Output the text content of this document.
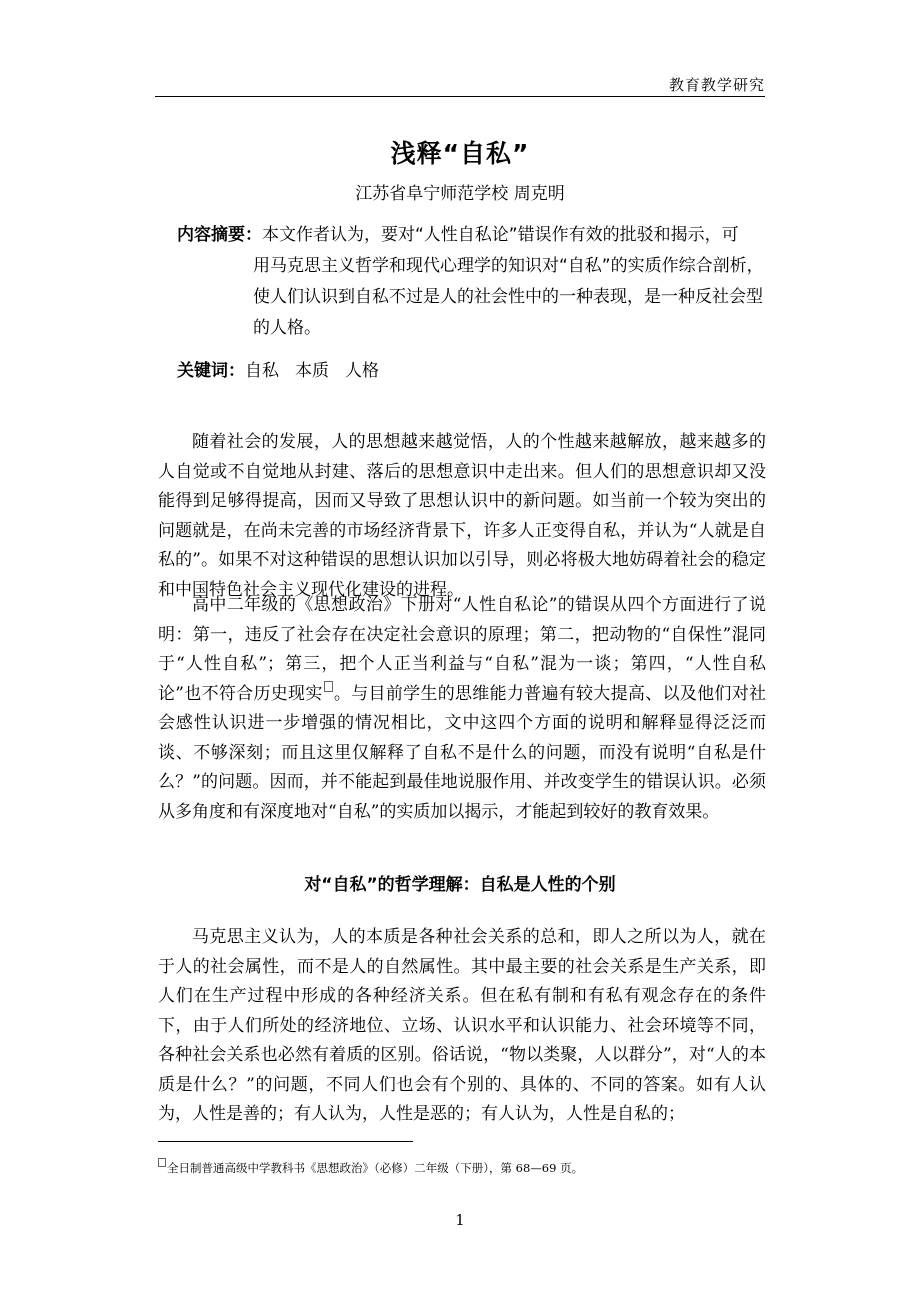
教育教学研究
浅释“自私”
江苏省阜宁师范学校 周克明
内容摘要：本文作者认为，要对“人性自私论”错误作有效的批驳和揭示，可
用马克思主义哲学和现代心理学的知识对“自私”的实质作综合剖析，使人们认识到自私不过是人的社会性中的一种表现，是一种反社会型的人格。
关键词：自私 本质 人格

随着社会的发展，人的思想越来越觉悟，人的个性越来越解放，越来越多的人自觉或不自觉地从封建、落后的思想意识中走出来。但人们的思想意识却又没能得到足够得提高，因而又导致了思想认识中的新问题。如当前一个较为突出的问题就是，在尚未完善的市场经济背景下，许多人正变得自私，并认为“人就是自私的”。如果不对这种错误的思想认识加以引导，则必将极大地妨碍着社会的稳定和中国特色社会主义现代化建设的进程。

高中二年级的《思想政治》下册对“人性自私论”的错误从四个方面进行了说明：第一，违反了社会存在决定社会意识的原理；第二，把动物的“自保性”混同于“人性自私”；第三，把个人正当利益与“自私”混为一谈；第四，“人性自私论”也不符合历史现实 。与目前学生的思维能力普遍有较大提高、以及他们对社会感性认识进一步增强的情况相比，文中这四个方面的说明和解释显得泛泛而谈、不够深刻；而且这里仅解释了自私不是什么的问题，而没有说明“自私是什么？”的问题。因而，并不能起到最佳地说服作用、并改变学生的错误认识。必须从多角度和有深度地对“自私”的实质加以揭示，才能起到较好的教育效果。

对“自私”的哲学理解：自私是人性的个别

马克思主义认为，人的本质是各种社会关系的总和，即人之所以为人，就在于人的社会属性，而不是人的自然属性。其中最主要的社会关系是生产关系，即人们在生产过程中形成的各种经济关系。但在私有制和有私有观念存在的条件下，由于人们所处的经济地位、立场、认识水平和认识能力、社会环境等不同，各种社会关系也必然有着质的区别。俗话说，“物以类聚，人以群分”，对“人的本质是什么？”的问题，不同人们也会有个别的、具体的、不同的答案。如有人认为，人性是善的；有人认为，人性是恶的；有人认为，人性是自私的；

全日制普通高级中学教科书《思想政治》（必修）二年级（下册），第 68—69 页。
1
